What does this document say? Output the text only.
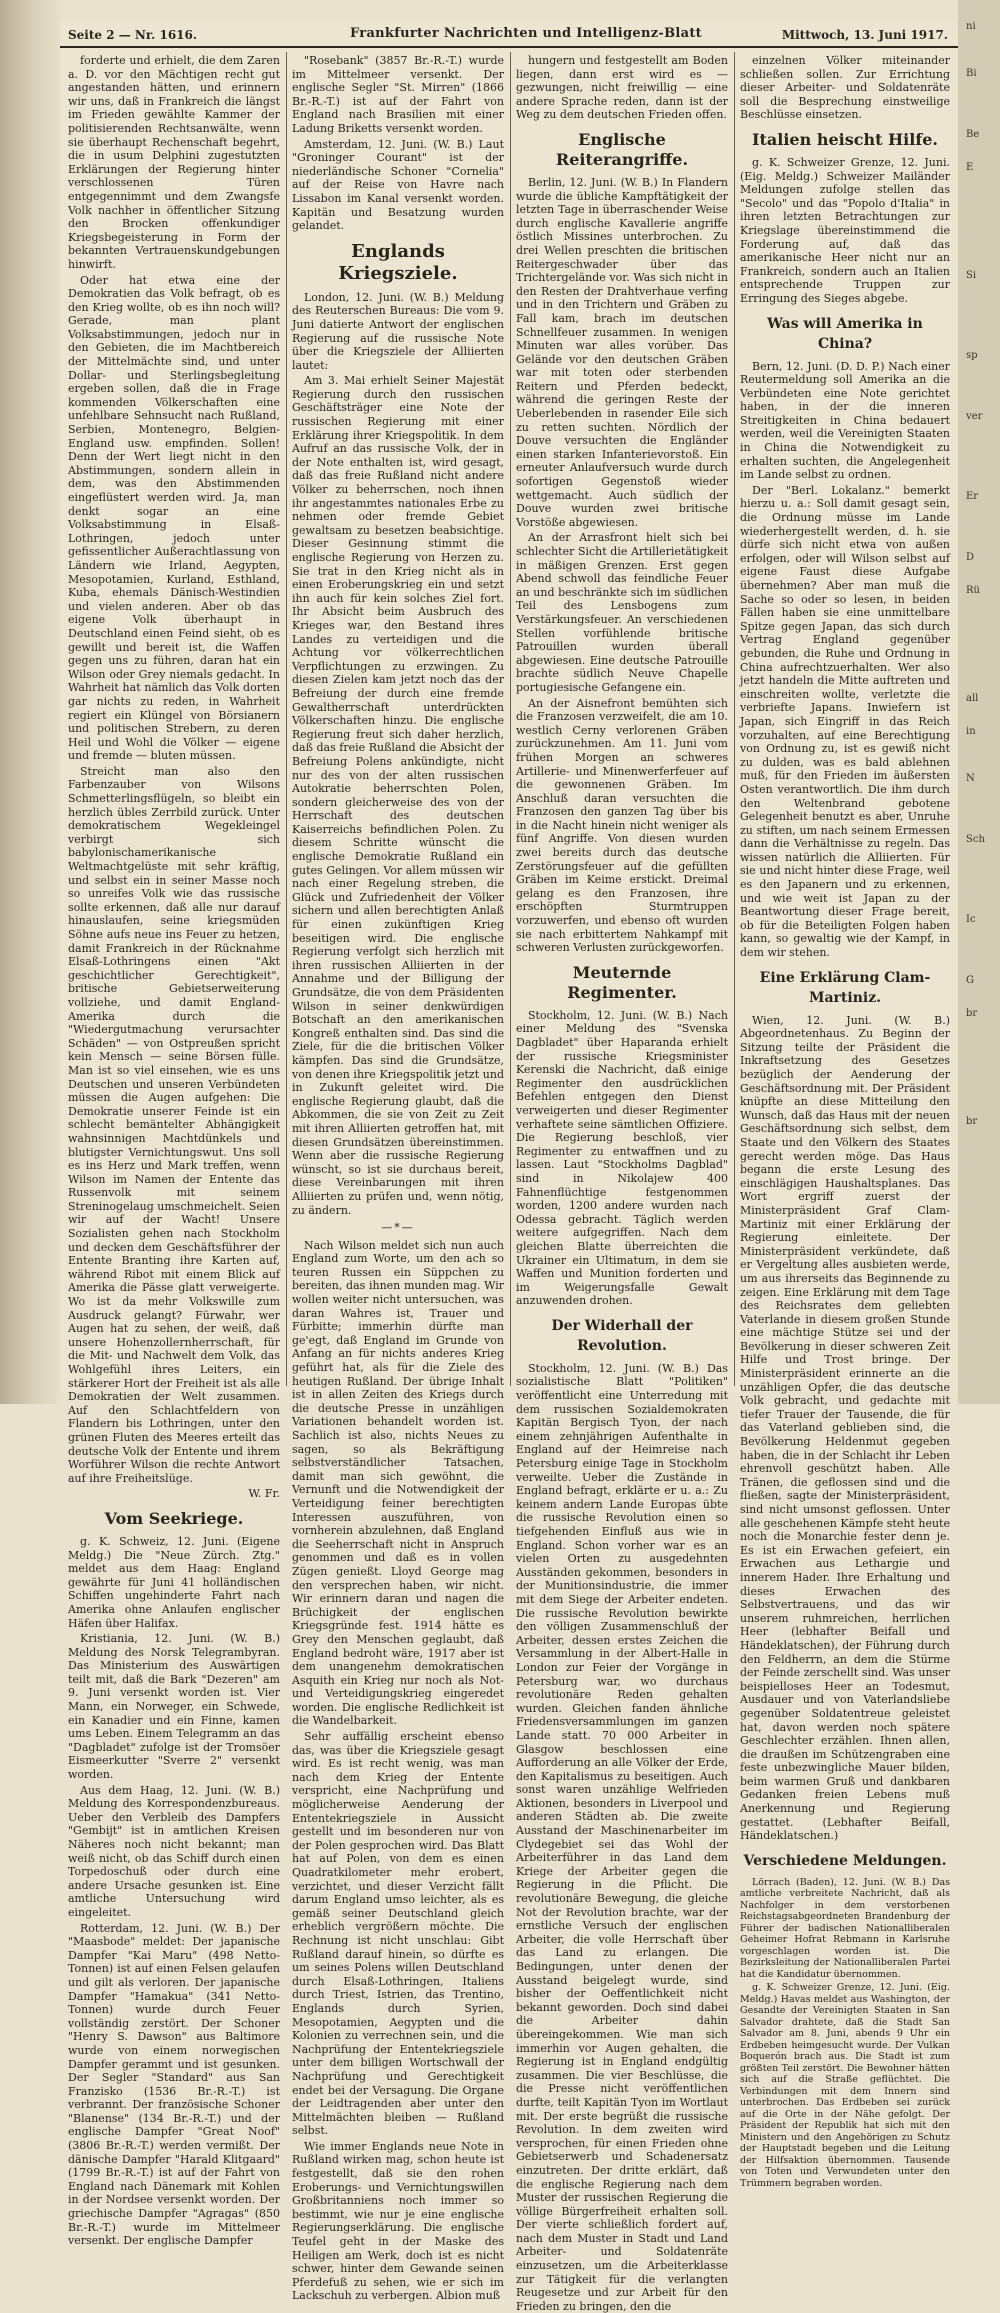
ni
Bi
Be
E

Si

sp
ver

Er
D
Rü

all
in
N
Sch

Ic
G
br

br
Seite 2 — Nr. 1616.	Frankfurter Nachrichten und Intelligenz-Blatt	Mittwoch, 13. Juni 1917.

forderte und erhielt, die dem Zaren a. D. vor den Mächtigen recht gut angestanden hätten, und erinnern wir uns, daß in Frankreich die längst im Frieden gewählte Kammer der politisierenden Rechtsanwälte, wenn sie überhaupt Rechenschaft begehrt, die in usum Delphini zugestutzten Erklärungen der Regierung hinter verschlossenen Türen entgegennimmt und dem Zwangsfe Volk nachher in öffentlicher Sitzung den Brocken offenkundiger Kriegsbegeisterung in Form der bekannten Vertrauenskundgebungen hinwirft.

Oder hat etwa eine der Demokratien das Volk befragt, ob es den Krieg wollte, ob es ihn noch will? Gerade, man plant Volksabstimmungen, jedoch nur in den Gebieten, die im Machtbereich der Mittelmächte sind, und unter Dollar- und Sterlingsbegleitung ergeben sollen, daß die in Frage kommenden Völkerschaften eine unfehlbare Sehnsucht nach Rußland, Serbien, Montenegro, Belgien-England usw. empfinden. Sollen! Denn der Wert liegt nicht in den Abstimmungen, sondern allein in dem, was den Abstimmenden eingeflüstert werden wird. Ja, man denkt sogar an eine Volksabstimmung in Elsaß-Lothringen, jedoch unter gefissentlicher Außerachtlassung von Ländern wie Irland, Aegypten, Mesopotamien, Kurland, Esthland, Kuba, ehemals Dänisch-Westindien und vielen anderen. Aber ob das eigene Volk überhaupt in Deutschland einen Feind sieht, ob es gewillt und bereit ist, die Waffen gegen uns zu führen, daran hat ein Wilson oder Grey niemals gedacht. In Wahrheit hat nämlich das Volk dorten gar nichts zu reden, in Wahrheit regiert ein Klüngel von Börsianern und politischen Strebern, zu deren Heil und Wohl die Völker — eigene und fremde — bluten müssen.

Streicht man also den Farbenzauber von Wilsons Schmetterlingsflügeln, so bleibt ein herzlich übles Zerrbild zurück. Unter demokratischem Wegekleingel verbirgt sich babylonischamerikanische Weltmachtgelüste mit sehr kräftig, und selbst ein in seiner Masse noch so unreifes Volk wie das russische sollte erkennen, daß alle nur darauf hinauslaufen, seine kriegsmüden Söhne aufs neue ins Feuer zu hetzen, damit Frankreich in der Rücknahme Elsaß-Lothringens einen "Akt geschichtlicher Gerechtigkeit", britische Gebietserweiterung vollziehe, und damit England-Amerika durch die "Wiedergutmachung verursachter Schäden" — von Ostpreußen spricht kein Mensch — seine Börsen fülle. Man ist so viel einsehen, wie es uns Deutschen und unseren Verbündeten müssen die Augen aufgehen: Die Demokratie unserer Feinde ist ein schlecht bemäntelter Abhängigkeit wahnsinnigen Machtdünkels und blutigster Vernichtungswut. Uns soll es ins Herz und Mark treffen, wenn Wilson im Namen der Entente das Russenvolk mit seinem Streninogelaug umschmeichelt. Seien wir auf der Wacht! Unsere Sozialisten gehen nach Stockholm und decken dem Geschäftsführer der Entente Branting ihre Karten auf, während Ribot mit einem Blick auf Amerika die Pässe glatt verweigerte. Wo ist da mehr Volkswille zum Ausdruck gelangt? Fürwahr, wer Augen hat zu sehen, der weiß, daß unsere Hohenzollernherrschaft, für die Mit- und Nachwelt dem Volk, das Wohlgefühl ihres Leiters, ein stärkerer Hort der Freiheit ist als alle Demokratien der Welt zusammen. Auf den Schlachtfeldern von Flandern bis Lothringen, unter den grünen Fluten des Meeres erteilt das deutsche Volk der Entente und ihrem Worführer Wilson die rechte Antwort auf ihre Freiheitslüge.

W. Fr.

Vom Seekriege.

g. K. Schweiz, 12. Juni. (Eigene Meldg.) Die "Neue Zürch. Ztg." meldet aus dem Haag: England gewährte für Juni 41 holländischen Schiffen ungehinderte Fahrt nach Amerika ohne Anlaufen englischer Häfen über Halifax.

Kristiania, 12. Juni. (W. B.) Meldung des Norsk Telegrambyran. Das Ministerium des Auswärtigen teilt mit, daß die Bark "Dezeren" am 9. Juni versenkt worden ist. Vier Mann, ein Norweger, ein Schwede, ein Kanadier und ein Finne, kamen ums Leben. Einem Telegramm an das "Dagbladet" zufolge ist der Tromsöer Eismeerkutter "Sverre 2" versenkt worden.

Aus dem Haag, 12. Juni. (W. B.) Meldung des Korrespondenzbureaus. Ueber den Verbleib des Dampfers "Gembijt" ist in amtlichen Kreisen Näheres noch nicht bekannt; man weiß nicht, ob das Schiff durch einen Torpedoschuß oder durch eine andere Ursache gesunken ist. Eine amtliche Untersuchung wird eingeleitet.

Rotterdam, 12. Juni. (W. B.) Der "Maasbode" meldet: Der japanische Dampfer "Kai Maru" (498 Netto-Tonnen) ist auf einen Felsen gelaufen und gilt als verloren. Der japanische Dampfer "Hamakua" (341 Netto-Tonnen) wurde durch Feuer vollständig zerstört. Der Schoner "Henry S. Dawson" aus Baltimore wurde von einem norwegischen Dampfer gerammt und ist gesunken. Der Segler "Standard" aus San Franzisko (1536 Br.-R.-T.) ist verbrannt. Der französische Schoner "Blanense" (134 Br.-R.-T.) und der englische Dampfer "Great Noof" (3806 Br.-R.-T.) werden vermißt. Der dänische Dampfer "Harald Klitgaard" (1799 Br.-R.-T.) ist auf der Fahrt von England nach Dänemark mit Kohlen in der Nordsee versenkt worden. Der griechische Dampfer "Agragas" (850 Br.-R.-T.) wurde im Mittelmeer versenkt. Der englische Dampfer

"Rosebank" (3857 Br.-R.-T.) wurde im Mittelmeer versenkt. Der englische Segler "St. Mirren" (1866 Br.-R.-T.) ist auf der Fahrt von England nach Brasilien mit einer Ladung Briketts versenkt worden.

Amsterdam, 12. Juni. (W. B.) Laut "Groninger Courant" ist der niederländische Schoner "Cornelia" auf der Reise von Havre nach Lissabon im Kanal versenkt worden. Kapitän und Besatzung wurden gelandet.

Englands Kriegsziele.

London, 12. Juni. (W. B.) Meldung des Reuterschen Bureaus: Die vom 9. Juni datierte Antwort der englischen Regierung auf die russische Note über die Kriegsziele der Alliierten lautet:

Am 3. Mai erhielt Seiner Majestät Regierung durch den russischen Geschäftsträger eine Note der russischen Regierung mit einer Erklärung ihrer Kriegspolitik. In dem Aufruf an das russische Volk, der in der Note enthalten ist, wird gesagt, daß das freie Rußland nicht andere Völker zu beherrschen, noch ihnen ihr angestammtes nationales Erbe zu nehmen oder fremde Gebiet gewaltsam zu besetzen beabsichtige. Dieser Gesinnung stimmt die englische Regierung von Herzen zu. Sie trat in den Krieg nicht als in einen Eroberungskrieg ein und setzt ihn auch für kein solches Ziel fort. Ihr Absicht beim Ausbruch des Krieges war, den Bestand ihres Landes zu verteidigen und die Achtung vor völkerrechtlichen Verpflichtungen zu erzwingen. Zu diesen Zielen kam jetzt noch das der Befreiung der durch eine fremde Gewaltherrschaft unterdrückten Völkerschaften hinzu. Die englische Regierung freut sich daher herzlich, daß das freie Rußland die Absicht der Befreiung Polens ankündigte, nicht nur des von der alten russischen Autokratie beherrschten Polen, sondern gleicherweise des von der Herrschaft des deutschen Kaiserreichs befindlichen Polen. Zu diesem Schritte wünscht die englische Demokratie Rußland ein gutes Gelingen. Vor allem müssen wir nach einer Regelung streben, die Glück und Zufriedenheit der Völker sichern und allen berechtigten Anlaß für einen zukünftigen Krieg beseitigen wird. Die englische Regierung verfolgt sich herzlich mit ihren russischen Alliierten in der Annahme und der Billigung der Grundsätze, die von dem Präsidenten Wilson in seiner denkwürdigen Botschaft an den amerikanischen Kongreß enthalten sind. Das sind die Ziele, für die die britischen Völker kämpfen. Das sind die Grundsätze, von denen ihre Kriegspolitik jetzt und in Zukunft geleitet wird. Die englische Regierung glaubt, daß die Abkommen, die sie von Zeit zu Zeit mit ihren Alliierten getroffen hat, mit diesen Grundsätzen übereinstimmen. Wenn aber die russische Regierung wünscht, so ist sie durchaus bereit, diese Vereinbarungen mit ihren Alliierten zu prüfen und, wenn nötig, zu ändern.

—*—

Nach Wilson meldet sich nun auch England zum Worte, um den ach so teuren Russen ein Süppchen zu bereiten, das ihnen munden mag. Wir wollen weiter nicht untersuchen, was daran Wahres ist, Trauer und Fürbitte; immerhin dürfte man ge'egt, daß England im Grunde von Anfang an für nichts anderes Krieg geführt hat, als für die Ziele des heutigen Rußland. Der übrige Inhalt ist in allen Zeiten des Kriegs durch die deutsche Presse in unzähligen Variationen behandelt worden ist. Sachlich ist also, nichts Neues zu sagen, so als Bekräftigung selbstverständlicher Tatsachen, damit man sich gewöhnt, die Vernunft und die Notwendigkeit der Verteidigung feiner berechtigten Interessen auszuführen, von vornherein abzulehnen, daß England die Seeherrschaft nicht in Anspruch genommen und daß es in vollen Zügen genießt. Lloyd George mag den versprechen haben, wir nicht. Wir erinnern daran und nagen die Brüchigkeit der englischen Kriegsgründe fest. 1914 hätte es Grey den Menschen geglaubt, daß England bedroht wäre, 1917 aber ist dem unangenehm demokratischen Asquith ein Krieg nur noch als Not- und Verteidigungskrieg eingeredet worden. Die englische Redlichkeit ist die Wandelbarkeit.

Sehr auffällig erscheint ebenso das, was über die Kriegsziele gesagt wird. Es ist recht wenig, was man nach dem Krieg der Entente verspricht, eine Nachprüfung und möglicherweise Aenderung der Ententekriegsziele in Aussicht gestellt und im besonderen nur von der Polen gesprochen wird. Das Blatt hat auf Polen, von dem es einen Quadratkilometer mehr erobert, verzichtet, und dieser Verzicht fällt darum England umso leichter, als es gemäß seiner Deutschland gleich erheblich vergrößern möchte. Die Rechnung ist nicht unschlau: Gibt Rußland darauf hinein, so dürfte es um seines Polens willen Deutschland durch Elsaß-Lothringen, Italiens durch Triest, Istrien, das Trentino, Englands durch Syrien, Mesopotamien, Aegypten und die Kolonien zu verrechnen sein, und die Nachprüfung der Ententekriegsziele unter dem billigen Wortschwall der Nachprüfung und Gerechtigkeit endet bei der Versagung. Die Organe der Leidtragenden aber unter den Mittelmächten bleiben — Rußland selbst.

Wie immer Englands neue Note in Rußland wirken mag, schon heute ist festgestellt, daß sie den rohen Eroberungs- und Vernichtungswillen Großbritanniens noch immer so bestimmt, wie nur je eine englische Regierungserklärung. Die englische Teufel geht in der Maske des Heiligen am Werk, doch ist es nicht schwer, hinter dem Gewande seinen Pferdefuß zu sehen, wie er sich im Lackschuh zu verbergen. Albion muß

hungern und festgestellt am Boden liegen, dann erst wird es — gezwungen, nicht freiwillig — eine andere Sprache reden, dann ist der Weg zu dem deutschen Frieden offen.

Englische Reiterangriffe.

Berlin, 12. Juni. (W. B.) In Flandern wurde die übliche Kampftätigkeit der letzten Tage in überraschender Weise durch englische Kavallerie angriffe östlich Missines unterbrochen. Zu drei Wellen preschten die britischen Reitergeschwader über das Trichtergelände vor. Was sich nicht in den Resten der Drahtverhaue verfing und in den Trichtern und Gräben zu Fall kam, brach im deutschen Schnellfeuer zusammen. In wenigen Minuten war alles vorüber. Das Gelände vor den deutschen Gräben war mit toten oder sterbenden Reitern und Pferden bedeckt, während die geringen Reste der Ueberlebenden in rasender Eile sich zu retten suchten. Nördlich der Douve versuchten die Engländer einen starken Infanterievorstoß. Ein erneuter Anlaufversuch wurde durch sofortigen Gegenstoß wieder wettgemacht. Auch südlich der Douve wurden zwei britische Vorstöße abgewiesen.

An der Arrasfront hielt sich bei schlechter Sicht die Artillerietätigkeit in mäßigen Grenzen. Erst gegen Abend schwoll das feindliche Feuer an und beschränkte sich im südlichen Teil des Lensbogens zum Verstärkungsfeuer. An verschiedenen Stellen vorfühlende britische Patrouillen wurden überall abgewiesen. Eine deutsche Patrouille brachte südlich Neuve Chapelle portugiesische Gefangene ein.

An der Aisnefront bemühten sich die Franzosen verzweifelt, die am 10. westlich Cerny verlorenen Gräben zurückzunehmen. Am 11. Juni vom frühen Morgen an schweres Artillerie- und Minenwerferfeuer auf die gewonnenen Gräben. Im Anschluß daran versuchten die Franzosen den ganzen Tag über bis in die Nacht hinein nicht weniger als fünf Angriffe. Von diesen wurden zwei bereits durch das deutsche Zerstörungsfeuer auf die gefüllten Gräben im Keime erstickt. Dreimal gelang es den Franzosen, ihre erschöpften Sturmtruppen vorzuwerfen, und ebenso oft wurden sie nach erbittertem Nahkampf mit schweren Verlusten zurückgeworfen.

Meuternde Regimenter.

Stockholm, 12. Juni. (W. B.) Nach einer Meldung des "Svenska Dagbladet" über Haparanda erhielt der russische Kriegsminister Kerenski die Nachricht, daß einige Regimenter den ausdrücklichen Befehlen entgegen den Dienst verweigerten und dieser Regimenter verhaftete seine sämtlichen Offiziere. Die Regierung beschloß, vier Regimenter zu entwaffnen und zu lassen. Laut "Stockholms Dagblad" sind in Nikolajew 400 Fahnenflüchtige festgenommen worden, 1200 andere wurden nach Odessa gebracht. Täglich werden weitere aufgegriffen. Nach dem gleichen Blatte überreichten die Ukrainer ein Ultimatum, in dem sie Waffen und Munition forderten und im Weigerungsfalle Gewalt anzuwenden drohen.

Der Widerhall der Revolution.

Stockholm, 12. Juni. (W. B.) Das sozialistische Blatt "Politiken" veröffentlicht eine Unterredung mit dem russischen Sozialdemokraten Kapitän Bergisch Tyon, der nach einem zehnjährigen Aufenthalte in England auf der Heimreise nach Petersburg einige Tage in Stockholm verweilte. Ueber die Zustände in England befragt, erklärte er u. a.: Zu keinem andern Lande Europas übte die russische Revolution einen so tiefgehenden Einfluß aus wie in England. Schon vorher war es an vielen Orten zu ausgedehnten Ausständen gekommen, besonders in der Munitionsindustrie, die immer mit dem Siege der Arbeiter endeten. Die russische Revolution bewirkte den völligen Zusammenschluß der Arbeiter, dessen erstes Zeichen die Versammlung in der Albert-Halle in London zur Feier der Vorgänge in Petersburg war, wo durchaus revolutionäre Reden gehalten wurden. Gleichen fanden ähnliche Friedensversammlungen im ganzen Lande statt. 70 000 Arbeiter in Glasgow beschlossen eine Aufforderung an alle Völker der Erde, den Kapitalismus zu beseitigen. Auch sonst waren unzählige Welfrieden Aktionen, besonders in Liverpool und anderen Städten ab. Die zweite Ausstand der Maschinenarbeiter im Clydegebiet sei das Wohl der Arbeiterführer in das Land dem Kriege der Arbeiter gegen die Regierung in die Pflicht. Die revolutionäre Bewegung, die gleiche Not der Revolution brachte, war der ernstliche Versuch der englischen Arbeiter, die volle Herrschaft über das Land zu erlangen. Die Bedingungen, unter denen der Ausstand beigelegt wurde, sind bisher der Oeffentlichkeit nicht bekannt geworden. Doch sind dabei die Arbeiter dahin übereingekommen. Wie man sich immerhin vor Augen gehalten, die Regierung ist in England endgültig zusammen. Die vier Beschlüsse, die die Presse nicht veröffentlichen durfte, teilt Kapitän Tyon im Wortlaut mit. Der erste begrüßt die russische Revolution. In dem zweiten wird versprochen, für einen Frieden ohne Gebietserwerb und Schadenersatz einzutreten. Der dritte erklärt, daß die englische Regierung nach dem Muster der russischen Regierung die völlige Bürgerfreiheit erhalten soll. Der vierte schließlich fordert auf, nach dem Muster in Stadt und Land Arbeiter- und Soldatenräte einzusetzen, um die Arbeiterklasse zur Tätigkeit für die verlangten Reugesetze und zur Arbeit für den Frieden zu bringen, den die

einzelnen Völker miteinander schließen sollen. Zur Errichtung dieser Arbeiter- und Soldatenräte soll die Besprechung einstweilige Beschlüsse einsetzen.

Italien heischt Hilfe.

g. K. Schweizer Grenze, 12. Juni. (Eig. Meldg.) Schweizer Mailänder Meldungen zufolge stellen das "Secolo" und das "Popolo d'Italia" in ihren letzten Betrachtungen zur Kriegslage übereinstimmend die Forderung auf, daß das amerikanische Heer nicht nur an Frankreich, sondern auch an Italien entsprechende Truppen zur Erringung des Sieges abgebe.

Was will Amerika in China?

Bern, 12. Juni. (D. D. P.) Nach einer Reutermeldung soll Amerika an die Verbündeten eine Note gerichtet haben, in der die inneren Streitigkeiten in China bedauert werden, weil die Vereinigten Staaten in China die Notwendigkeit zu erhalten suchten, die Angelegenheit im Lande selbst zu ordnen.

Der "Berl. Lokalanz." bemerkt hierzu u. a.: Soll damit gesagt sein, die Ordnung müsse im Lande wiederhergestellt werden, d. h. sie dürfe sich nicht etwa von außen erfolgen, oder will Wilson selbst auf eigene Faust diese Aufgabe übernehmen? Aber man muß die Sache so oder so lesen, in beiden Fällen haben sie eine unmittelbare Spitze gegen Japan, das sich durch Vertrag England gegenüber gebunden, die Ruhe und Ordnung in China aufrechtzuerhalten. Wer also jetzt handeln die Mitte auftreten und einschreiten wollte, verletzte die verbriefte Japans. Inwiefern ist Japan, sich Eingriff in das Reich vorzuhalten, auf eine Berechtigung von Ordnung zu, ist es gewiß nicht zu dulden, was es bald ablehnen muß, für den Frieden im äußersten Osten verantwortlich. Die ihm durch den Weltenbrand gebotene Gelegenheit benutzt es aber, Unruhe zu stiften, um nach seinem Ermessen dann die Verhältnisse zu regeln. Das wissen natürlich die Alliierten. Für sie und nicht hinter diese Frage, weil es den Japanern und zu erkennen, und wie weit ist Japan zu der Beantwortung dieser Frage bereit, ob für die Beteiligten Folgen haben kann, so gewaltig wie der Kampf, in dem wir stehen.

Eine Erklärung Clam-Martiniz.

Wien, 12. Juni. (W. B.) Abgeordnetenhaus. Zu Beginn der Sitzung teilte der Präsident die Inkraftsetzung des Gesetzes bezüglich der Aenderung der Geschäftsordnung mit. Der Präsident knüpfte an diese Mitteilung den Wunsch, daß das Haus mit der neuen Geschäftsordnung sich selbst, dem Staate und den Völkern des Staates gerecht werden möge. Das Haus begann die erste Lesung des einschlägigen Haushaltsplanes. Das Wort ergriff zuerst der Ministerpräsident Graf Clam-Martiniz mit einer Erklärung der Regierung einleitete. Der Ministerpräsident verkündete, daß er Vergeltung alles ausbieten werde, um aus ihrerseits das Beginnende zu zeigen. Eine Erklärung mit dem Tage des Reichsrates dem geliebten Vaterlande in diesem großen Stunde eine mächtige Stütze sei und der Bevölkerung in dieser schweren Zeit Hilfe und Trost bringe. Der Ministerpräsident erinnerte an die unzähligen Opfer, die das deutsche Volk gebracht, und gedachte mit tiefer Trauer der Tausende, die für das Vaterland geblieben sind, die Bevölkerung Heldenmut gegeben haben, die in der Schlacht ihr Leben ehrenvoll geschützt haben. Alle Tränen, die geflossen sind und die fließen, sagte der Ministerpräsident, sind nicht umsonst geflossen. Unter alle geschehenen Kämpfe steht heute noch die Monarchie fester denn je. Es ist ein Erwachen gefeiert, ein Erwachen aus Lethargie und innerem Hader. Ihre Erhaltung und dieses Erwachen des Selbstvertrauens, und das wir unserem ruhmreichen, herrlichen Heer (lebhafter Beifall und Händeklatschen), der Führung durch den Feldherrn, an dem die Stürme der Feinde zerschellt sind. Was unser beispielloses Heer an Todesmut, Ausdauer und von Vaterlandsliebe gegenüber Soldatentreue geleistet hat, davon werden noch spätere Geschlechter erzählen. Ihnen allen, die draußen im Schützengraben eine feste unbezwingliche Mauer bilden, beim warmen Gruß und dankbaren Gedanken freien Lebens muß Anerkennung und Regierung gestattet. (Lebhafter Beifall, Händeklatschen.)

Verschiedene Meldungen.

Lörrach (Baden), 12. Juni. (W. B.) Das amtliche verbreitete Nachricht, daß als Nachfolger in dem verstorbenen Reichstagsabgeordneten Brandenburg der Führer der badischen Nationalliberalen Geheimer Hofrat Rebmann in Karlsruhe vorgeschlagen worden ist. Die Bezirksleitung der Nationalliberalen Partei hat die Kandidatur übernommen.

g. K. Schweizer Grenze, 12. Juni. (Eig. Meldg.) Havas meldet aus Washington, der Gesandte der Vereinigten Staaten in San Salvador drahtete, daß die Stadt San Salvador am 8. Juni, abends 9 Uhr ein Erdbeben heimgesucht wurde. Der Vulkan Boquerón brach aus. Die Stadt ist zum größten Teil zerstört. Die Bewohner hätten sich auf die Straße geflüchtet. Die Verbindungen mit dem Innern sind unterbrochen. Das Erdbeben sei zurück auf die Orte in der Nähe gefolgt. Der Präsident der Republik hat sich mit den Ministern und den Angehörigen zu Schutz der Hauptstadt begeben und die Leitung der Hilfsaktion übernommen. Tausende von Toten und Verwundeten unter den Trümmern begraben worden.
